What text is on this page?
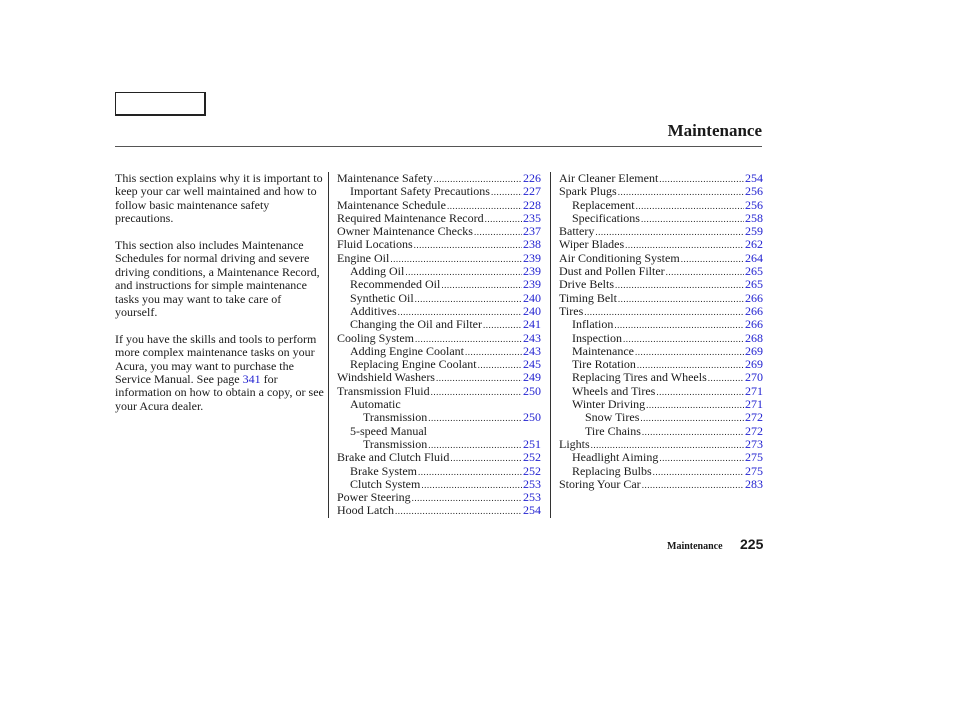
Maintenance

This section explains why it is important to keep your car well maintained and how to follow basic maintenance safety precautions.

This section also includes Maintenance Schedules for normal driving and severe driving conditions, a Maintenance Record, and instructions for simple maintenance tasks you may want to take care of yourself.

If you have the skills and tools to perform more complex maintenance tasks on your Acura, you may want to purchase the Service Manual. See page 341 for information on how to obtain a copy, or see your Acura dealer.

Maintenance Safety .....	226
Important Safety Precautions .....	227
Maintenance Schedule .....	228
Required Maintenance Record .....	235
Owner Maintenance Checks .....	237
Fluid Locations .....	238
Engine Oil .....	239
Adding Oil .....	239
Recommended Oil .....	239
Synthetic Oil .....	240
Additives .....	240
Changing the Oil and Filter .....	241
Cooling System .....	243
Adding Engine Coolant .....	243
Replacing Engine Coolant .....	245
Windshield Washers .....	249
Transmission Fluid .....	250
Automatic
Transmission .....	250
5-speed Manual
Transmission .....	251
Brake and Clutch Fluid .....	252
Brake System .....	252
Clutch System .....	253
Power Steering .....	253
Hood Latch .....	254
Air Cleaner Element .....	254
Spark Plugs .....	256
Replacement .....	256
Specifications .....	258
Battery .....	259
Wiper Blades .....	262
Air Conditioning System .....	264
Dust and Pollen Filter .....	265
Drive Belts .....	265
Timing Belt .....	266
Tires .....	266
Inflation .....	266
Inspection .....	268
Maintenance .....	269
Tire Rotation .....	269
Replacing Tires and Wheels .....	270
Wheels and Tires .....	271
Winter Driving .....	271
Snow Tires .....	272
Tire Chains .....	272
Lights .....	273
Headlight Aiming .....	275
Replacing Bulbs .....	275
Storing Your Car .....	283
Maintenance 225
